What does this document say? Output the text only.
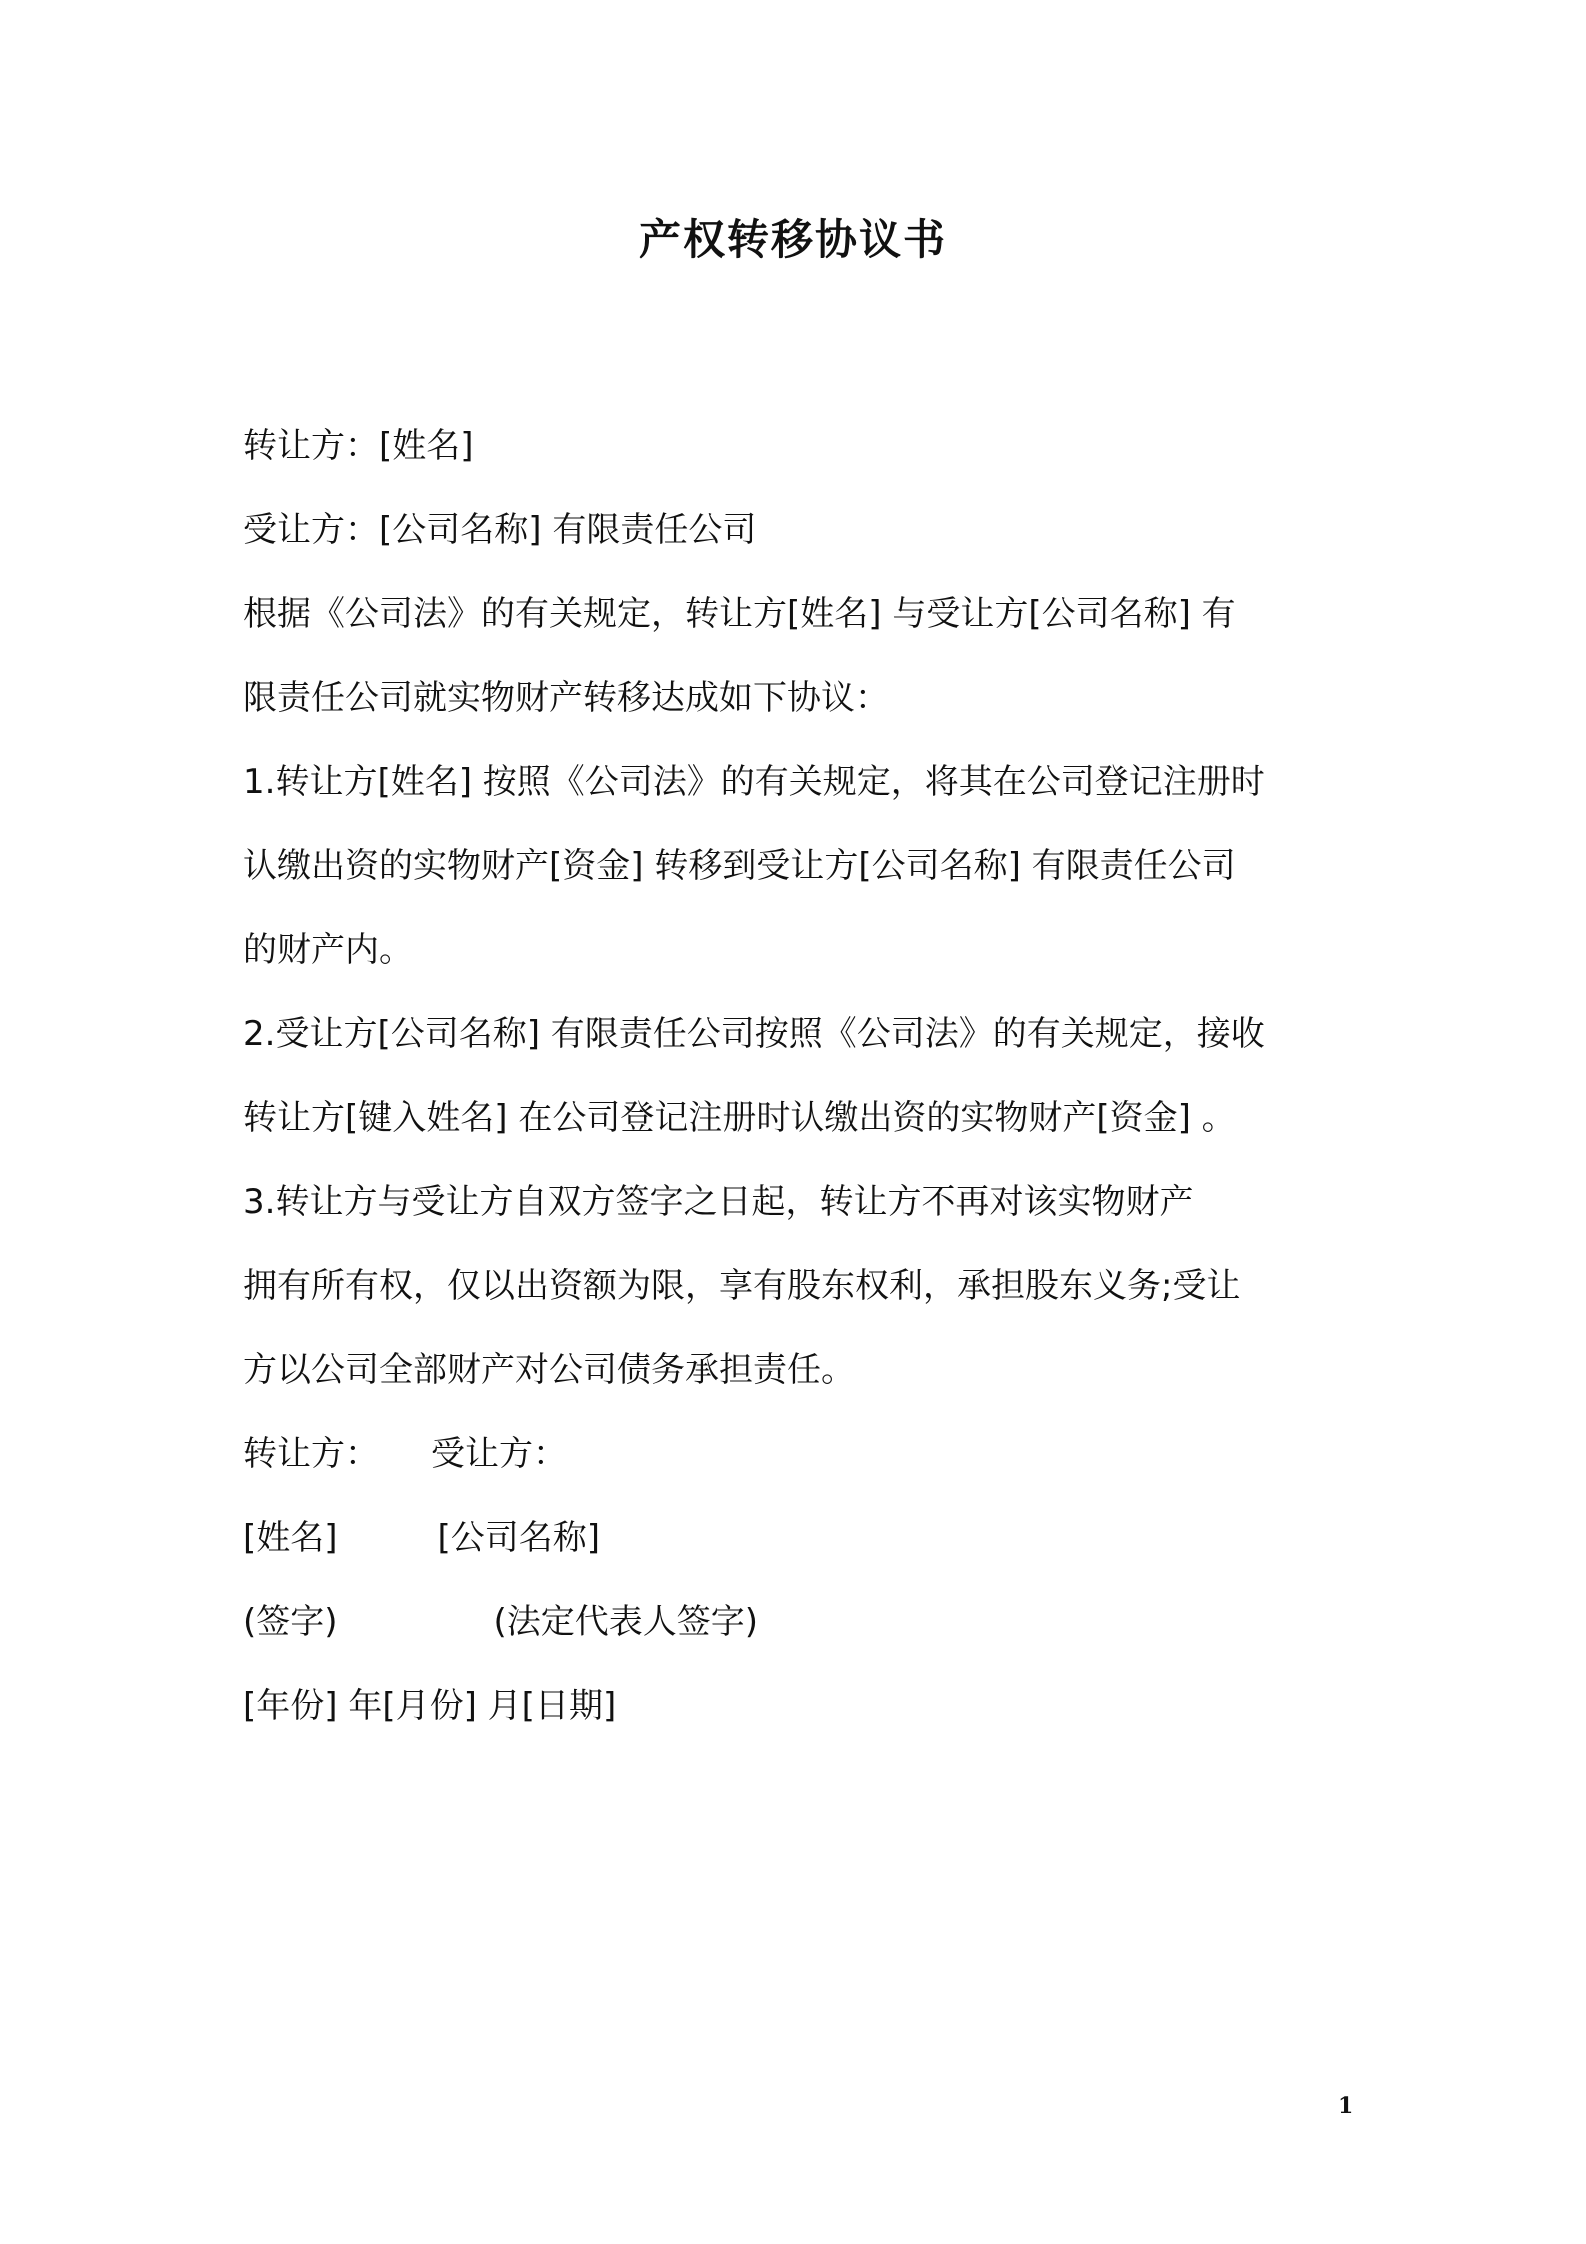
产权转移协议书
转让方：[姓名]
受让方：[公司名称] 有限责任公司
根据《公司法》的有关规定，转让方[姓名] 与受让方[公司名称] 有
限责任公司就实物财产转移达成如下协议：
1.转让方[姓名] 按照《公司法》的有关规定，将其在公司登记注册时
认缴出资的实物财产[资金] 转移到受让方[公司名称] 有限责任公司
的财产内。
2.受让方[公司名称] 有限责任公司按照《公司法》的有关规定，接收
转让方[键入姓名] 在公司登记注册时认缴出资的实物财产[资金] 。
3.转让方与受让方自双方签字之日起，转让方不再对该实物财产
拥有所有权，仅以出资额为限，享有股东权利，承担股东义务;受让
方以公司全部财产对公司债务承担责任。
转让方： 受让方：
[姓名]	[公司名称]
(签字)	(法定代表人签字)
[年份] 年[月份] 月[日期]
1
